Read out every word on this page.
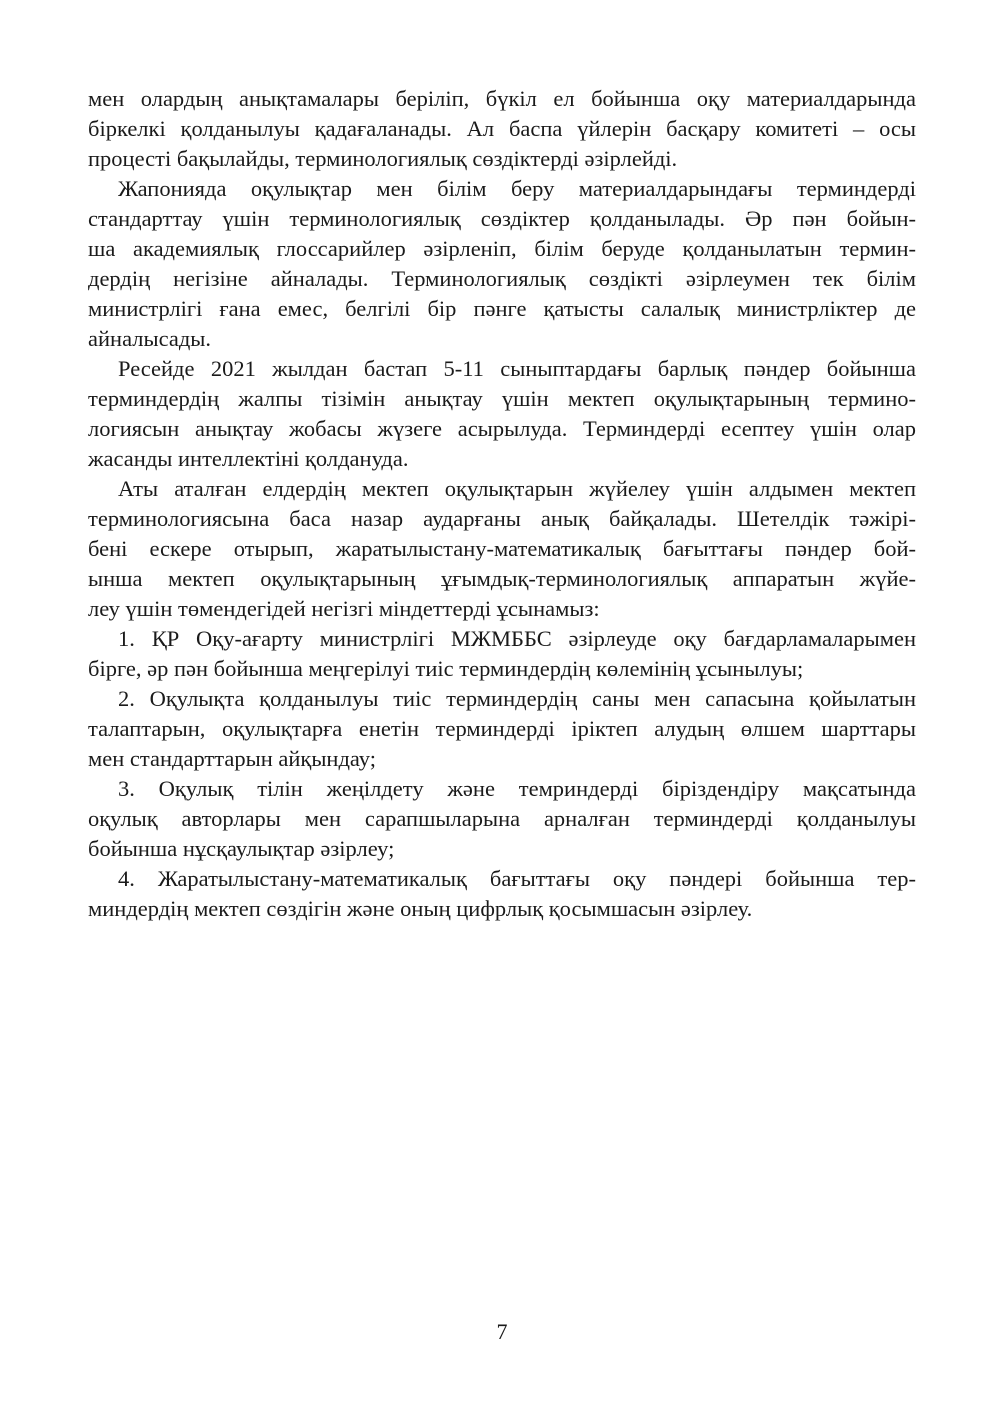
мен олардың анықтамалары беріліп, бүкіл ел бойынша оқу материалдарында
біркелкі қолданылуы қадағаланады. Ал баспа үйлерін басқару комитеті – осы
процесті бақылайды, терминологиялық сөздіктерді әзірлейді.
Жапонияда оқулықтар мен білім беру материалдарындағы терминдерді
стандарттау үшін терминологиялық сөздіктер қолданылады. Әр пән бойын-
ша академиялық глоссарийлер әзірленіп, білім беруде қолданылатын термин-
дердің негізіне айналады. Терминологиялық сөздікті әзірлеумен тек білім
министрлігі ғана емес, белгілі бір пәнге қатысты салалық министрліктер де
айналысады.
Ресейде 2021 жылдан бастап 5-11 сыныптардағы барлық пәндер бойынша
терминдердің жалпы тізімін анықтау үшін мектеп оқулықтарының термино-
логиясын анықтау жобасы жүзеге асырылуда. Терминдерді есептеу үшін олар
жасанды интеллектіні қолдануда.
Аты аталған елдердің мектеп оқулықтарын жүйелеу үшін алдымен мектеп
терминологиясына баса назар аударғаны анық байқалады. Шетелдік тәжірі-
бені ескере отырып, жаратылыстану-математикалық бағыттағы пәндер бой-
ынша мектеп оқулықтарының ұғымдық-терминологиялық аппаратын жүйе-
леу үшін төмендегідей негізгі міндеттерді ұсынамыз:
1. ҚР Оқу-ағарту министрлігі МЖМББС әзірлеуде оқу бағдарламаларымен
бірге, әр пән бойынша меңгерілуі тиіс терминдердің көлемінің ұсынылуы;
2. Оқулықта қолданылуы тиіс терминдердің саны мен сапасына қойылатын
талаптарын, оқулықтарға енетін терминдерді іріктеп алудың өлшем шарттары
мен стандарттарын айқындау;
3. Оқулық тілін жеңілдету және темриндерді біріздендіру мақсатында
оқулық авторлары мен сарапшыларына арналған терминдерді қолданылуы
бойынша нұсқаулықтар әзірлеу;
4. Жаратылыстану-математикалық бағыттағы оқу пәндері бойынша тер-
миндердің мектеп сөздігін және оның цифрлық қосымшасын әзірлеу.
7
